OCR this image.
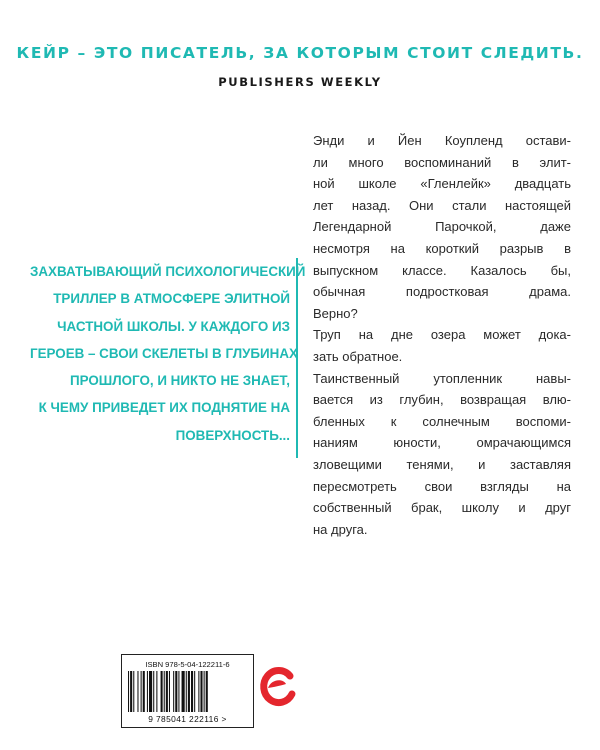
КЕЙР – ЭТО ПИСАТЕЛЬ, ЗА КОТОРЫМ СТОИТ СЛЕДИТЬ.
PUBLISHERS WEEKLY
ЗАХВАТЫВАЮЩИЙ ПСИХОЛОГИЧЕСКИЙ
ТРИЛЛЕР В АТМОСФЕРЕ ЭЛИТНОЙ
ЧАСТНОЙ ШКОЛЫ. У КАЖДОГО ИЗ
ГЕРОЕВ – СВОИ СКЕЛЕТЫ В ГЛУБИНАХ
ПРОШЛОГО, И НИКТО НЕ ЗНАЕТ,
К ЧЕМУ ПРИВЕДЕТ ИХ ПОДНЯТИЕ НА
ПОВЕРХНОСТЬ...
Энди и Йен Коупленд остави-
ли много воспоминаний в элит-
ной школе «Гленлейк» двадцать
лет назад. Они стали настоящей
Легендарной Парочкой, даже
несмотря на короткий разрыв в
выпускном классе. Казалось бы,
обычная подростковая драма.
Верно?
Труп на дне озера может дока-
зать обратное.
Таинственный утопленник навы-
вается из глубин, возвращая влю-
бленных к солнечным воспоми-
наниям юности, омрачающимся
зловещими тенями, и заставляя
пересмотреть свои взгляды на
собственный брак, школу и друг
на друга.
ISBN 978-5-04-122211-6
9 785041 222116 >
